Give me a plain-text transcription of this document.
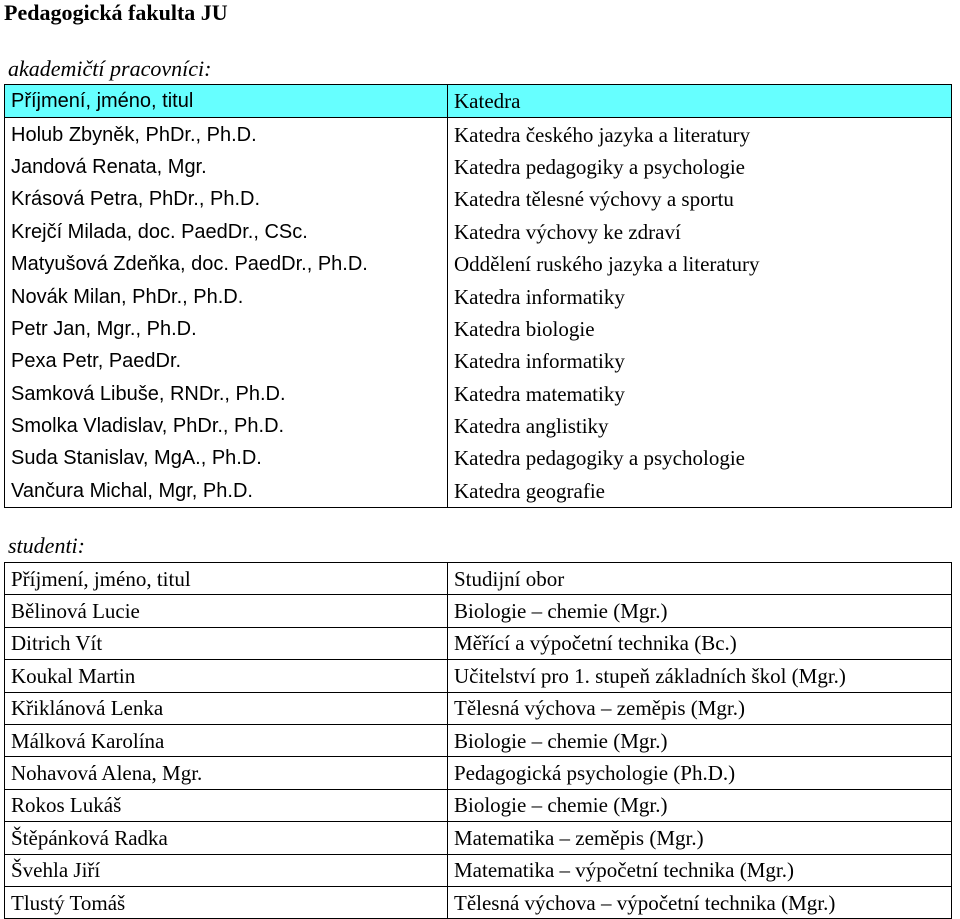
Pedagogická fakulta JU
akademičtí pracovníci:
Příjmení, jméno, titul	Katedra
Holub Zbyněk, PhDr., Ph.D.	Katedra českého jazyka a literatury
Jandová Renata, Mgr.	Katedra pedagogiky a psychologie
Krásová Petra, PhDr., Ph.D.	Katedra tělesné výchovy a sportu
Krejčí Milada, doc. PaedDr., CSc.	Katedra výchovy ke zdraví
Matyušová Zdeňka, doc. PaedDr., Ph.D.	Oddělení ruského jazyka a literatury
Novák Milan, PhDr., Ph.D.	Katedra informatiky
Petr Jan, Mgr., Ph.D.	Katedra biologie
Pexa Petr, PaedDr.	Katedra informatiky
Samková Libuše, RNDr., Ph.D.	Katedra matematiky
Smolka Vladislav, PhDr., Ph.D.	Katedra anglistiky
Suda Stanislav, MgA., Ph.D.	Katedra pedagogiky a psychologie
Vančura Michal, Mgr, Ph.D.	Katedra geografie
studenti:
Příjmení, jméno, titul	Studijní obor
Bělinová Lucie	Biologie – chemie (Mgr.)
Ditrich Vít	Měřící a výpočetní technika (Bc.)
Koukal Martin	Učitelství pro 1. stupeň základních škol (Mgr.)
Křiklánová Lenka	Tělesná výchova – zeměpis (Mgr.)
Málková Karolína	Biologie – chemie (Mgr.)
Nohavová Alena, Mgr.	Pedagogická psychologie (Ph.D.)
Rokos Lukáš	Biologie – chemie (Mgr.)
Štěpánková Radka	Matematika – zeměpis (Mgr.)
Švehla Jiří	Matematika – výpočetní technika (Mgr.)
Tlustý Tomáš	Tělesná výchova – výpočetní technika (Mgr.)
